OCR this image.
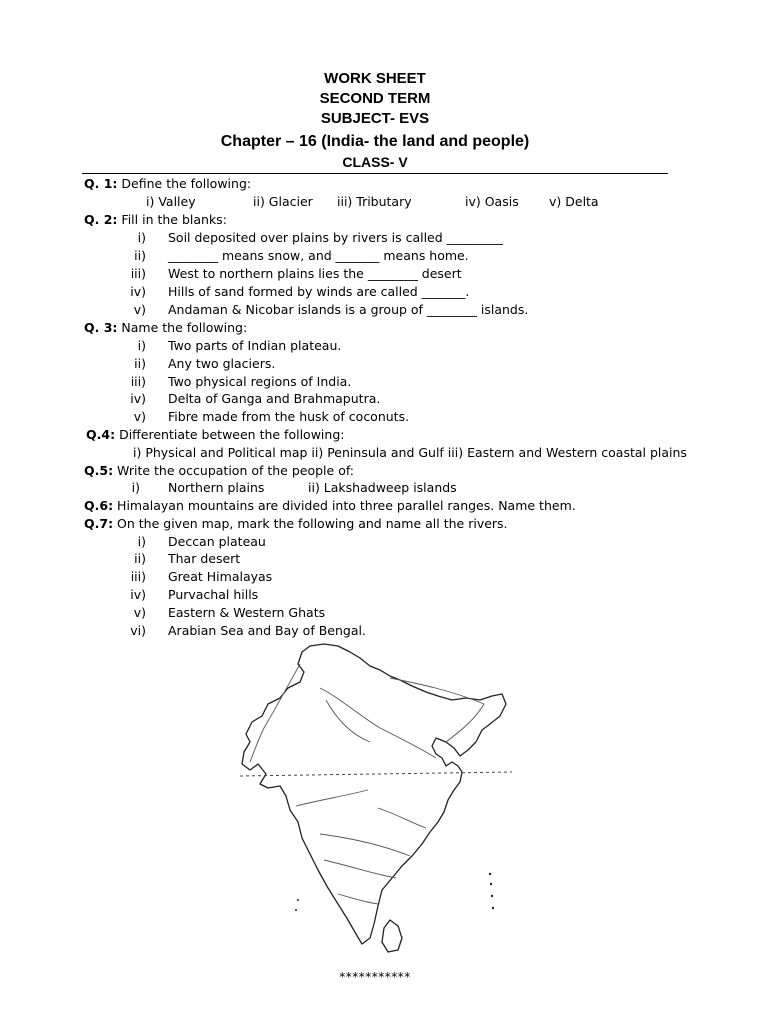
WORK SHEET
SECOND TERM
SUBJECT- EVS
Chapter – 16 (India- the land and people)
CLASS- V
Q. 1: Define the following:
i) Valley	ii) Glacier iii) Tributary	iv) Oasis v) Delta
Q. 2: Fill in the blanks:
i) Soil deposited over plains by rivers is called _________
ii) ________ means snow, and _______ means home.
iii) West to northern plains lies the ________ desert
iv) Hills of sand formed by winds are called _______.
v) Andaman & Nicobar islands is a group of ________ islands.
Q. 3: Name the following:
i) Two parts of Indian plateau.
ii) Any two glaciers.
iii) Two physical regions of India.
iv) Delta of Ganga and Brahmaputra.
v) Fibre made from the husk of coconuts.
Q.4: Differentiate between the following:
i) Physical and Political map ii) Peninsula and Gulf iii) Eastern and Western coastal plains
Q.5: Write the occupation of the people of:
i) Northern plains	ii) Lakshadweep islands
Q.6: Himalayan mountains are divided into three parallel ranges. Name them.
Q.7: On the given map, mark the following and name all the rivers.
i) Deccan plateau
ii) Thar desert
iii) Great Himalayas
iv) Purvachal hills
v) Eastern & Western Ghats
vi) Arabian Sea and Bay of Bengal.
***********
